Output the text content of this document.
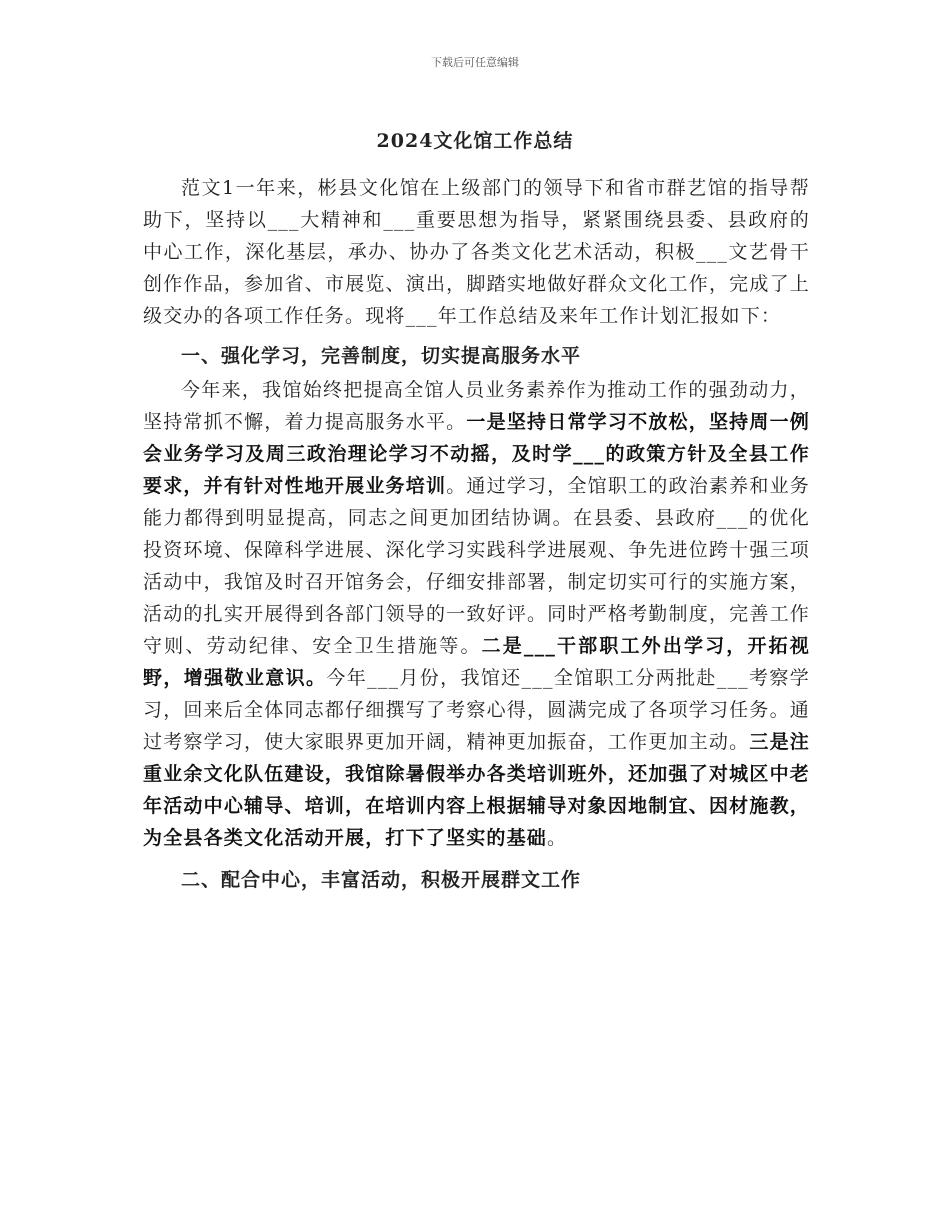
下载后可任意编辑
2024文化馆工作总结

范文1一年来，彬县文化馆在上级部门的领导下和省市群艺馆的指导帮助下，坚持以___大精神和___重要思想为指导，紧紧围绕县委、县政府的中心工作，深化基层，承办、协办了各类文化艺术活动，积极___文艺骨干创作作品，参加省、市展览、演出，脚踏实地做好群众文化工作，完成了上级交办的各项工作任务。现将___年工作总结及来年工作计划汇报如下：

一、强化学习，完善制度，切实提高服务水平

今年来，我馆始终把提高全馆人员业务素养作为推动工作的强劲动力，坚持常抓不懈，着力提高服务水平。一是坚持日常学习不放松，坚持周一例会业务学习及周三政治理论学习不动摇，及时学___的政策方针及全县工作要求，并有针对性地开展业务培训。通过学习，全馆职工的政治素养和业务能力都得到明显提高，同志之间更加团结协调。在县委、县政府___的优化投资环境、保障科学进展、深化学习实践科学进展观、争先进位跨十强三项活动中，我馆及时召开馆务会，仔细安排部署，制定切实可行的实施方案，活动的扎实开展得到各部门领导的一致好评。同时严格考勤制度，完善工作守则、劳动纪律、安全卫生措施等。二是___干部职工外出学习，开拓视野，增强敬业意识。今年___月份，我馆还___全馆职工分两批赴___考察学习，回来后全体同志都仔细撰写了考察心得，圆满完成了各项学习任务。通过考察学习，使大家眼界更加开阔，精神更加振奋，工作更加主动。三是注重业余文化队伍建设，我馆除暑假举办各类培训班外，还加强了对城区中老年活动中心辅导、培训，在培训内容上根据辅导对象因地制宜、因材施教，为全县各类文化活动开展，打下了坚实的基础。

二、配合中心，丰富活动，积极开展群文工作
